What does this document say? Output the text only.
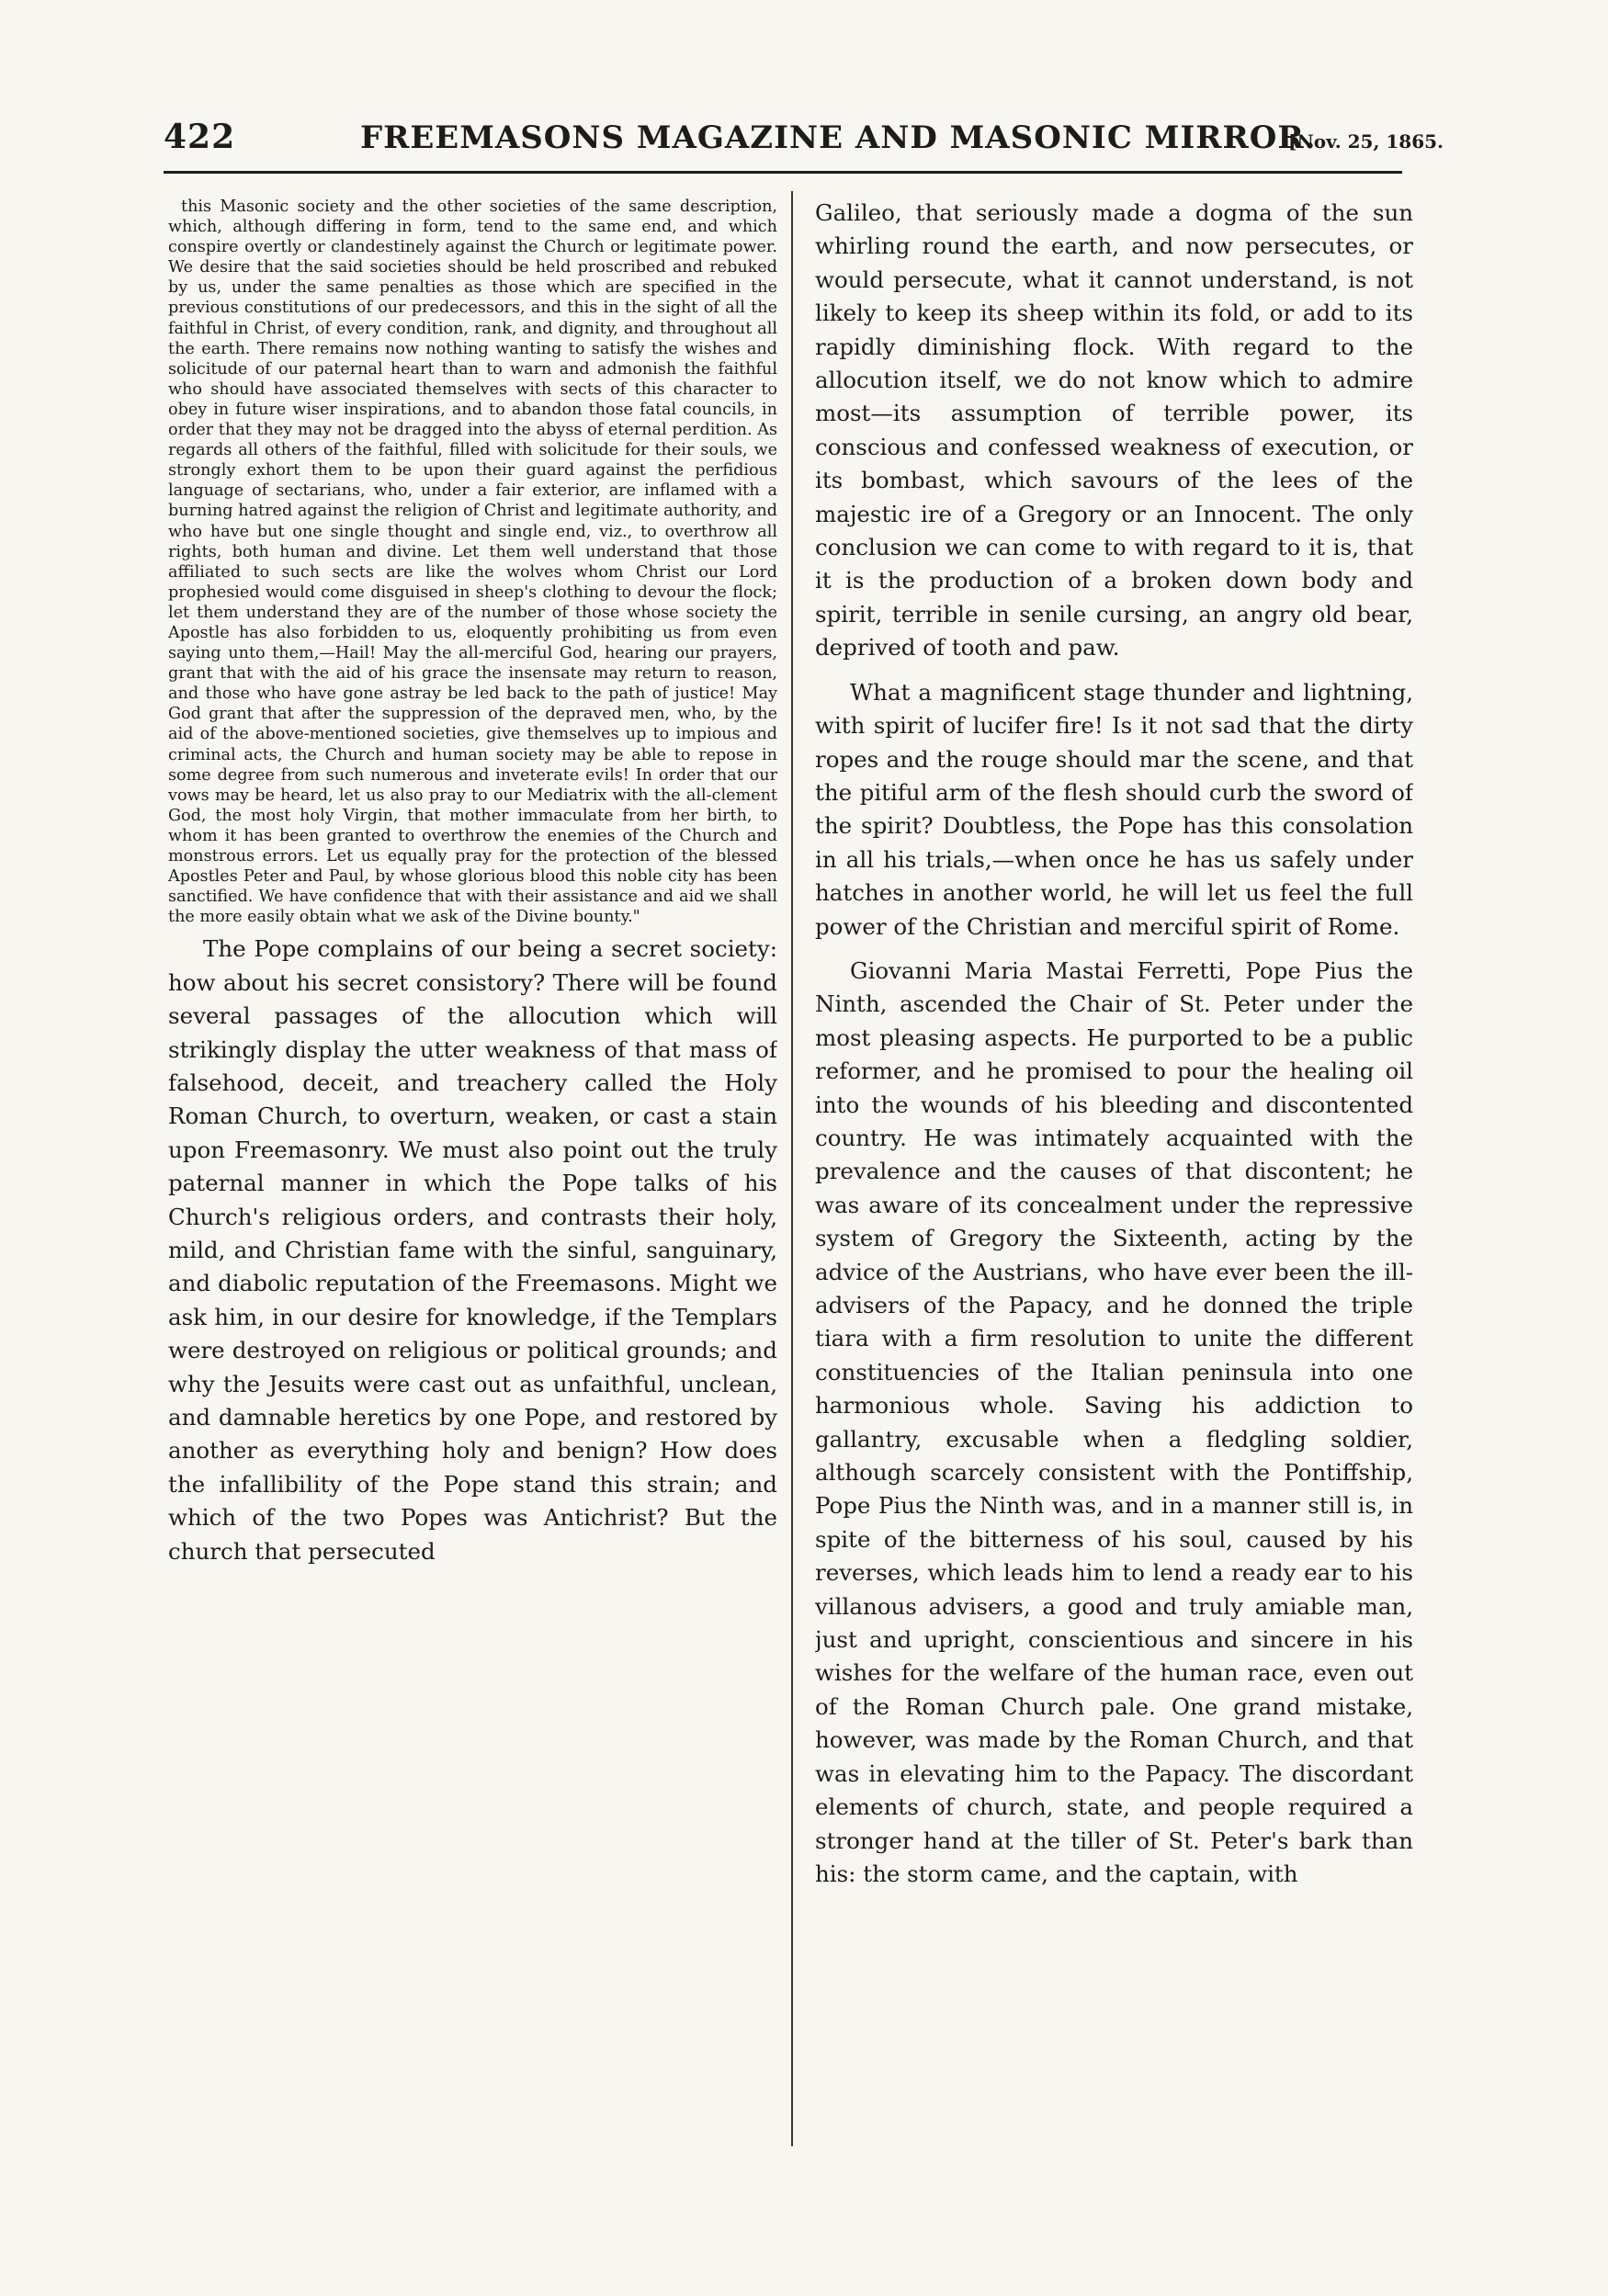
422	FREEMASONS MAGAZINE AND MASONIC MIRROR.
[Nov. 25, 1865.

this Masonic society and the other societies of the same description, which, although differing in form, tend to the same end, and which conspire overtly or clandestinely against the Church or legitimate power. We desire that the said societies should be held proscribed and rebuked by us, under the same penalties as those which are specified in the previous constitutions of our predecessors, and this in the sight of all the faithful in Christ, of every condition, rank, and dignity, and throughout all the earth. There remains now nothing wanting to satisfy the wishes and solicitude of our paternal heart than to warn and admonish the faithful who should have associated themselves with sects of this character to obey in future wiser inspirations, and to abandon those fatal councils, in order that they may not be dragged into the abyss of eternal perdition. As regards all others of the faithful, filled with solicitude for their souls, we strongly exhort them to be upon their guard against the perfidious language of sectarians, who, under a fair exterior, are inflamed with a burning hatred against the religion of Christ and legitimate authority, and who have but one single thought and single end, viz., to overthrow all rights, both human and divine. Let them well understand that those affiliated to such sects are like the wolves whom Christ our Lord prophesied would come disguised in sheep's clothing to devour the flock; let them understand they are of the number of those whose society the Apostle has also forbidden to us, eloquently prohibiting us from even saying unto them,—Hail! May the all-merciful God, hearing our prayers, grant that with the aid of his grace the insensate may return to reason, and those who have gone astray be led back to the path of justice! May God grant that after the suppression of the depraved men, who, by the aid of the above-mentioned societies, give themselves up to impious and criminal acts, the Church and human society may be able to repose in some degree from such numerous and inveterate evils! In order that our vows may be heard, let us also pray to our Mediatrix with the all-clement God, the most holy Virgin, that mother immaculate from her birth, to whom it has been granted to overthrow the enemies of the Church and monstrous errors. Let us equally pray for the protection of the blessed Apostles Peter and Paul, by whose glorious blood this noble city has been sanctified. We have confidence that with their assistance and aid we shall the more easily obtain what we ask of the Divine bounty."

The Pope complains of our being a secret society: how about his secret consistory? There will be found several passages of the allocution which will strikingly display the utter weakness of that mass of falsehood, deceit, and treachery called the Holy Roman Church, to overturn, weaken, or cast a stain upon Freemasonry. We must also point out the truly paternal manner in which the Pope talks of his Church's religious orders, and contrasts their holy, mild, and Christian fame with the sinful, sanguinary, and diabolic reputation of the Freemasons. Might we ask him, in our desire for knowledge, if the Templars were destroyed on religious or political grounds; and why the Jesuits were cast out as unfaithful, unclean, and damnable heretics by one Pope, and restored by another as everything holy and benign? How does the infallibility of the Pope stand this strain; and which of the two Popes was Antichrist? But the church that persecuted

Galileo, that seriously made a dogma of the sun whirling round the earth, and now persecutes, or would persecute, what it cannot understand, is not likely to keep its sheep within its fold, or add to its rapidly diminishing flock. With regard to the allocution itself, we do not know which to admire most—its assumption of terrible power, its conscious and confessed weakness of execution, or its bombast, which savours of the lees of the majestic ire of a Gregory or an Innocent. The only conclusion we can come to with regard to it is, that it is the production of a broken down body and spirit, terrible in senile cursing, an angry old bear, deprived of tooth and paw.

What a magnificent stage thunder and lightning, with spirit of lucifer fire! Is it not sad that the dirty ropes and the rouge should mar the scene, and that the pitiful arm of the flesh should curb the sword of the spirit? Doubtless, the Pope has this consolation in all his trials,—when once he has us safely under hatches in another world, he will let us feel the full power of the Christian and merciful spirit of Rome.

Giovanni Maria Mastai Ferretti, Pope Pius the Ninth, ascended the Chair of St. Peter under the most pleasing aspects. He purported to be a public reformer, and he promised to pour the healing oil into the wounds of his bleeding and discontented country. He was intimately acquainted with the prevalence and the causes of that discontent; he was aware of its concealment under the repressive system of Gregory the Sixteenth, acting by the advice of the Austrians, who have ever been the ill-advisers of the Papacy, and he donned the triple tiara with a firm resolution to unite the different constituencies of the Italian peninsula into one harmonious whole. Saving his addiction to gallantry, excusable when a fledgling soldier, although scarcely consistent with the Pontiffship, Pope Pius the Ninth was, and in a manner still is, in spite of the bitterness of his soul, caused by his reverses, which leads him to lend a ready ear to his villanous advisers, a good and truly amiable man, just and upright, conscientious and sincere in his wishes for the welfare of the human race, even out of the Roman Church pale. One grand mistake, however, was made by the Roman Church, and that was in elevating him to the Papacy. The discordant elements of church, state, and people required a stronger hand at the tiller of St. Peter's bark than his: the storm came, and the captain, with
